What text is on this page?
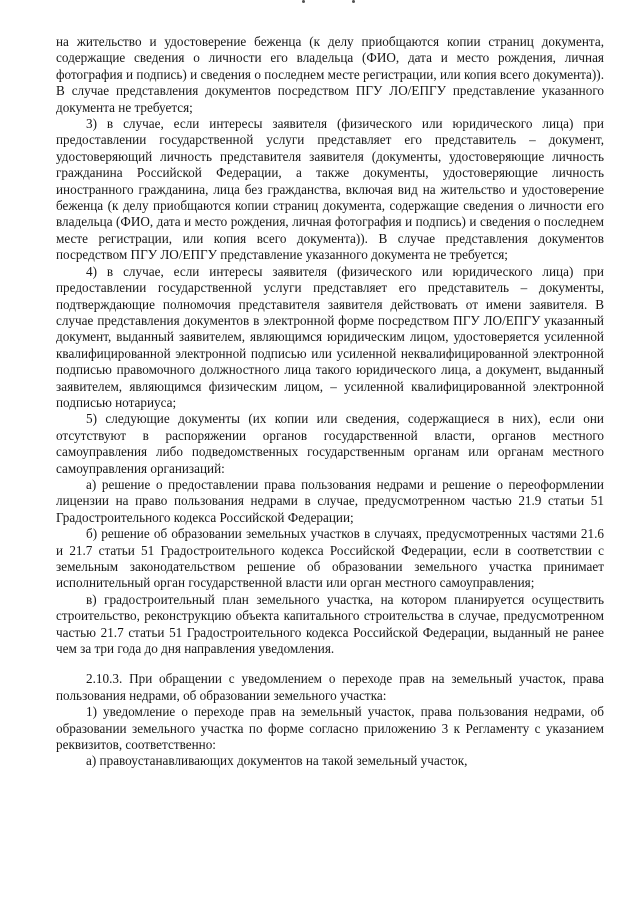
на жительство и удостоверение беженца (к делу приобщаются копии страниц документа, содержащие сведения о личности его владельца (ФИО, дата и место рождения, личная фотография и подпись) и сведения о последнем месте регистрации, или копия всего документа)). В случае представления документов посредством ПГУ ЛО/ЕПГУ представление указанного документа не требуется;

3) в случае, если интересы заявителя (физического или юридического лица) при предоставлении государственной услуги представляет его представитель – документ, удостоверяющий личность представителя заявителя (документы, удостоверяющие личность гражданина Российской Федерации, а также документы, удостоверяющие личность иностранного гражданина, лица без гражданства, включая вид на жительство и удостоверение беженца (к делу приобщаются копии страниц документа, содержащие сведения о личности его владельца (ФИО, дата и место рождения, личная фотография и подпись) и сведения о последнем месте регистрации, или копия всего документа)). В случае представления документов посредством ПГУ ЛО/ЕПГУ представление указанного документа не требуется;

4) в случае, если интересы заявителя (физического или юридического лица) при предоставлении государственной услуги представляет его представитель – документы, подтверждающие полномочия представителя заявителя действовать от имени заявителя. В случае представления документов в электронной форме посредством ПГУ ЛО/ЕПГУ указанный документ, выданный заявителем, являющимся юридическим лицом, удостоверяется усиленной квалифицированной электронной подписью или усиленной неквалифицированной электронной подписью правомочного должностного лица такого юридического лица, а документ, выданный заявителем, являющимся физическим лицом, – усиленной квалифицированной электронной подписью нотариуса;

5) следующие документы (их копии или сведения, содержащиеся в них), если они отсутствуют в распоряжении органов государственной власти, органов местного самоуправления либо подведомственных государственным органам или органам местного самоуправления организаций:

а) решение о предоставлении права пользования недрами и решение о переоформлении лицензии на право пользования недрами в случае, предусмотренном частью 21.9 статьи 51 Градостроительного кодекса Российской Федерации;

б) решение об образовании земельных участков в случаях, предусмотренных частями 21.6 и 21.7 статьи 51 Градостроительного кодекса Российской Федерации, если в соответствии с земельным законодательством решение об образовании земельного участка принимает исполнительный орган государственной власти или орган местного самоуправления;

в) градостроительный план земельного участка, на котором планируется осуществить строительство, реконструкцию объекта капитального строительства в случае, предусмотренном частью 21.7 статьи 51 Градостроительного кодекса Российской Федерации, выданный не ранее чем за три года до дня направления уведомления.

2.10.3. При обращении с уведомлением о переходе прав на земельный участок, права пользования недрами, об образовании земельного участка:

1) уведомление о переходе прав на земельный участок, права пользования недрами, об образовании земельного участка по форме согласно приложению 3 к Регламенту с указанием реквизитов, соответственно:

а) правоустанавливающих документов на такой земельный участок,
